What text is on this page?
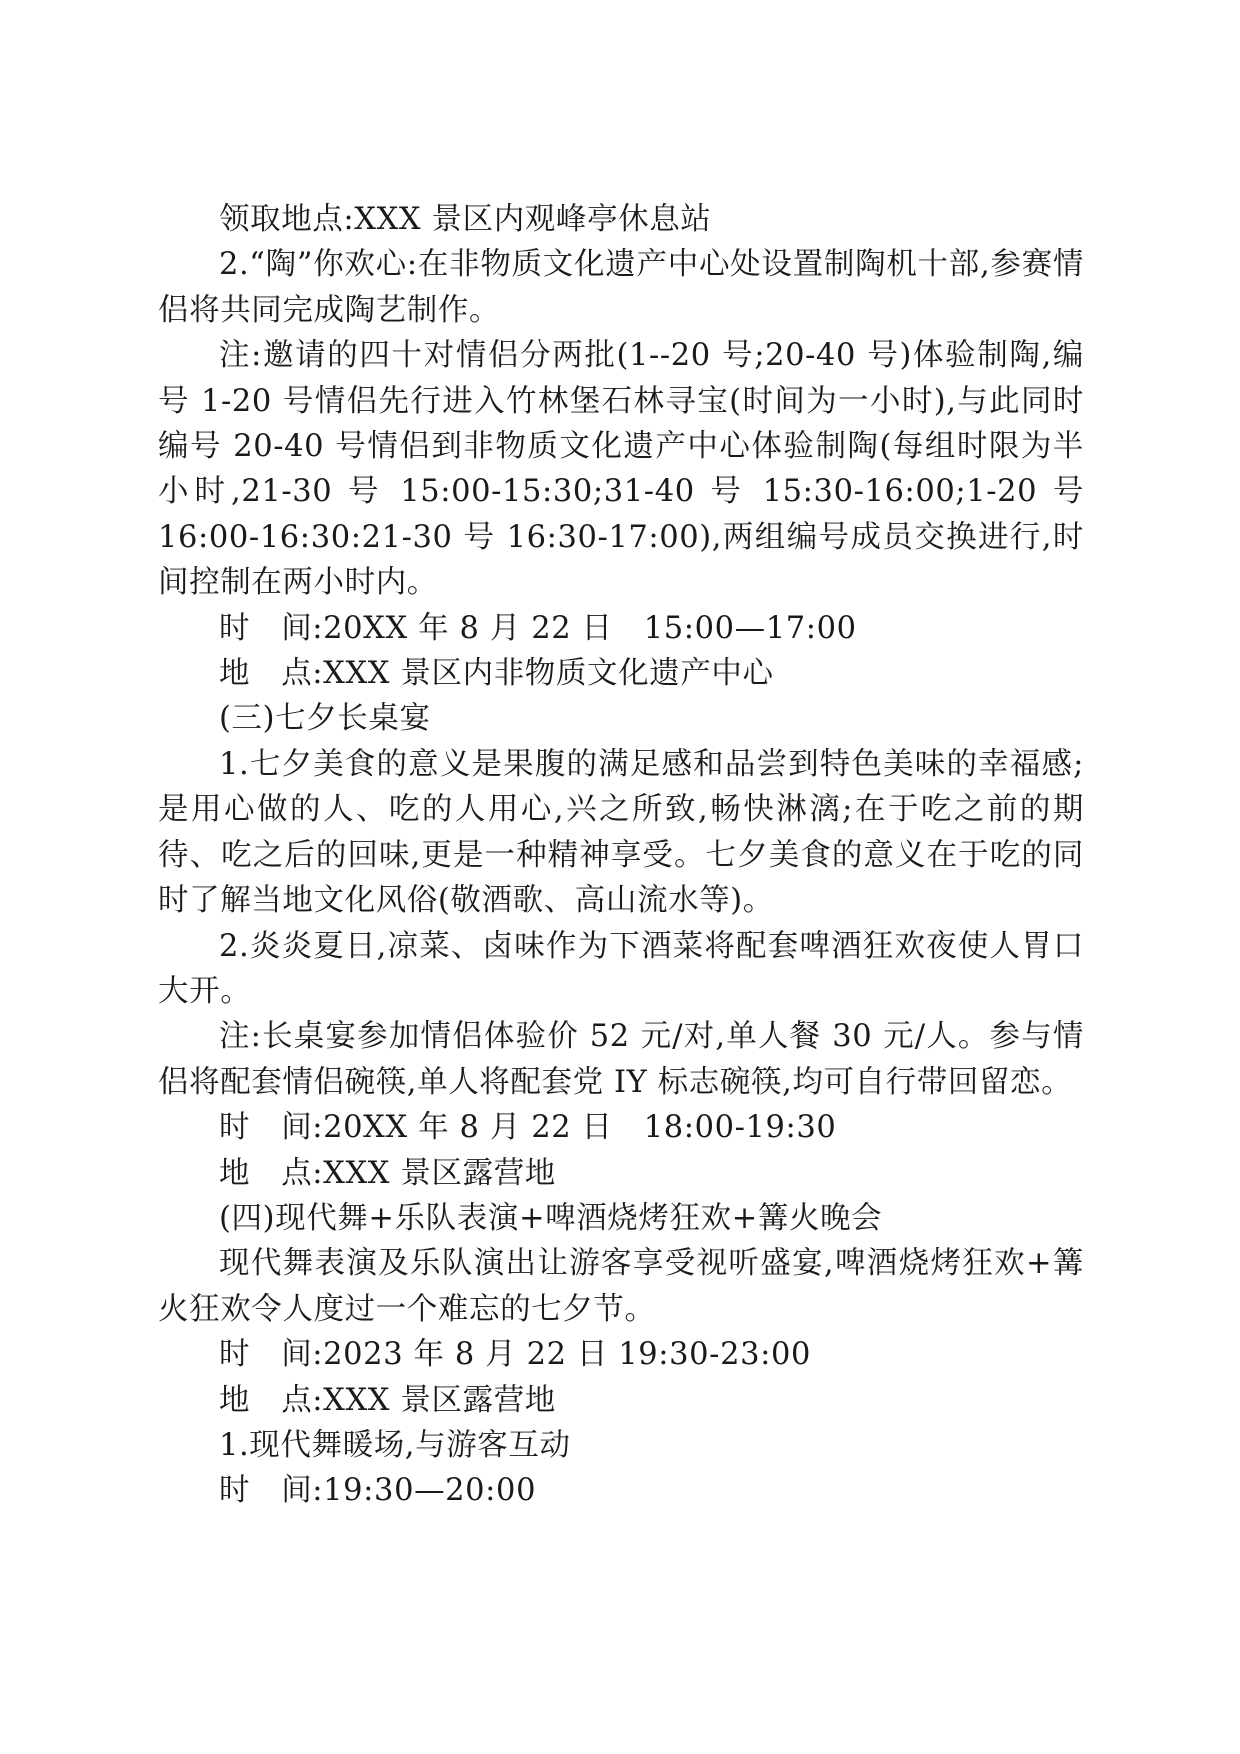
领取地点:XXX 景区内观峰亭休息站

2.“陶”你欢心:在非物质文化遗产中心处设置制陶机十部,参赛情侣将共同完成陶艺制作。

注:邀请的四十对情侣分两批(1--20 号;20-40 号)体验制陶,编号 1-20 号情侣先行进入竹林堡石林寻宝(时间为一小时),与此同时编号 20-40 号情侣到非物质文化遗产中心体验制陶(每组时限为半小时,21-30 号 15:00-15:30;31-40 号 15:30-16:00;1-20 号 16:00-16:30:21-30 号 16:30-17:00),两组编号成员交换进行,时间控制在两小时内。

时　间:20XX 年 8 月 22 日　15:00—17:00

地　点:XXX 景区内非物质文化遗产中心

(三)七夕长桌宴

1.七夕美食的意义是果腹的满足感和品尝到特色美味的幸福感;是用心做的人、吃的人用心,兴之所致,畅快淋漓;在于吃之前的期待、吃之后的回味,更是一种精神享受。七夕美食的意义在于吃的同时了解当地文化风俗(敬酒歌、高山流水等)。

2.炎炎夏日,凉菜、卤味作为下酒菜将配套啤酒狂欢夜使人胃口大开。

注:长桌宴参加情侣体验价 52 元/对,单人餐 30 元/人。参与情侣将配套情侣碗筷,单人将配套党 IY 标志碗筷,均可自行带回留恋。

时　间:20XX 年 8 月 22 日　18:00-19:30

地　点:XXX 景区露营地

(四)现代舞+乐队表演+啤酒烧烤狂欢+篝火晚会

现代舞表演及乐队演出让游客享受视听盛宴,啤酒烧烤狂欢+篝火狂欢令人度过一个难忘的七夕节。

时　间:2023 年 8 月 22 日 19:30-23:00

地　点:XXX 景区露营地

1.现代舞暖场,与游客互动

时　间:19:30—20:00
